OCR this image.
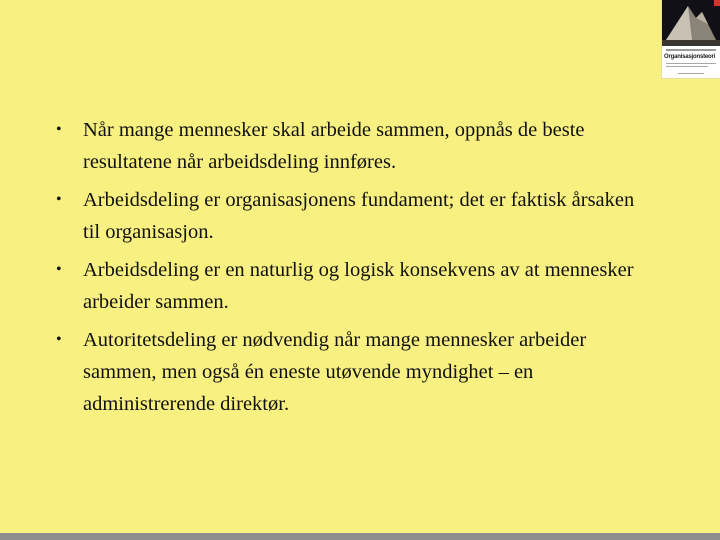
Organisasjonsteori
• Når mange mennesker skal arbeide sammen, oppnås de beste resultatene når arbeidsdeling innføres.
• Arbeidsdeling er organisasjonens fundament; det er faktisk årsaken til organisasjon.
• Arbeidsdeling er en naturlig og logisk konsekvens av at mennesker arbeider sammen.
• Autoritetsdeling er nødvendig når mange mennesker arbeider sammen, men også én eneste utøvende myndighet – en administrerende direktør.
